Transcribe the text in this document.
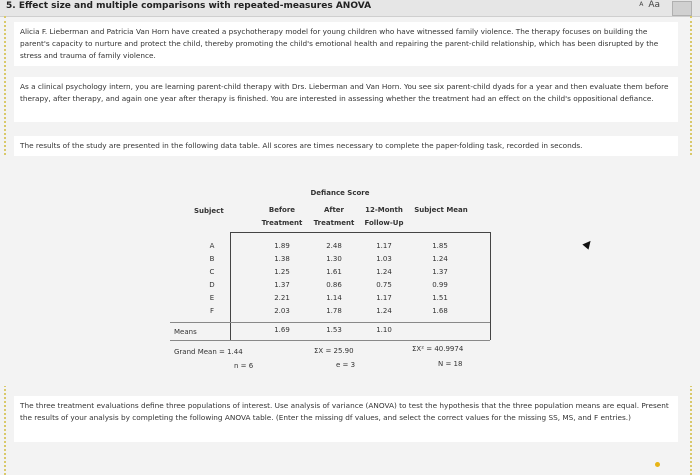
5. Effect size and multiple comparisons with repeated-measures ANOVA	A Aa
Alicia F. Lieberman and Patricia Van Horn have created a psychotherapy model for young children who have witnessed family violence. The therapy focuses on building the parent's capacity to nurture and protect the child, thereby promoting the child's emotional health and repairing the parent-child relationship, which has been disrupted by the stress and trauma of family violence.
As a clinical psychology intern, you are learning parent-child therapy with Drs. Lieberman and Van Horn. You see six parent-child dyads for a year and then evaluate them before therapy, after therapy, and again one year after therapy is finished. You are interested in assessing whether the treatment had an effect on the child's oppositional defiance.
The results of the study are presented in the following data table. All scores are times necessary to complete the paper-folding task, recorded in seconds.
Defiance Score
Subject	Before
Treatment
After
Treatment
12-Month
Follow-Up
Subject Mean
A	1.89	2.48	1.17	1.85
B	1.38	1.30	1.03	1.24
C	1.25	1.61	1.24	1.37
D	1.37	0.86	0.75	0.99
E	2.21	1.14	1.17	1.51
F	2.03	1.78	1.24	1.68
Means	1.69	1.53	1.10
Grand Mean = 1.44
n = 6
ΣX = 25.90
e = 3
ΣX² = 40.9974
N = 18
The three treatment evaluations define three populations of interest. Use analysis of variance (ANOVA) to test the hypothesis that the three population means are equal. Present the results of your analysis by completing the following ANOVA table. (Enter the missing df values, and select the correct values for the missing SS, MS, and F entries.)
